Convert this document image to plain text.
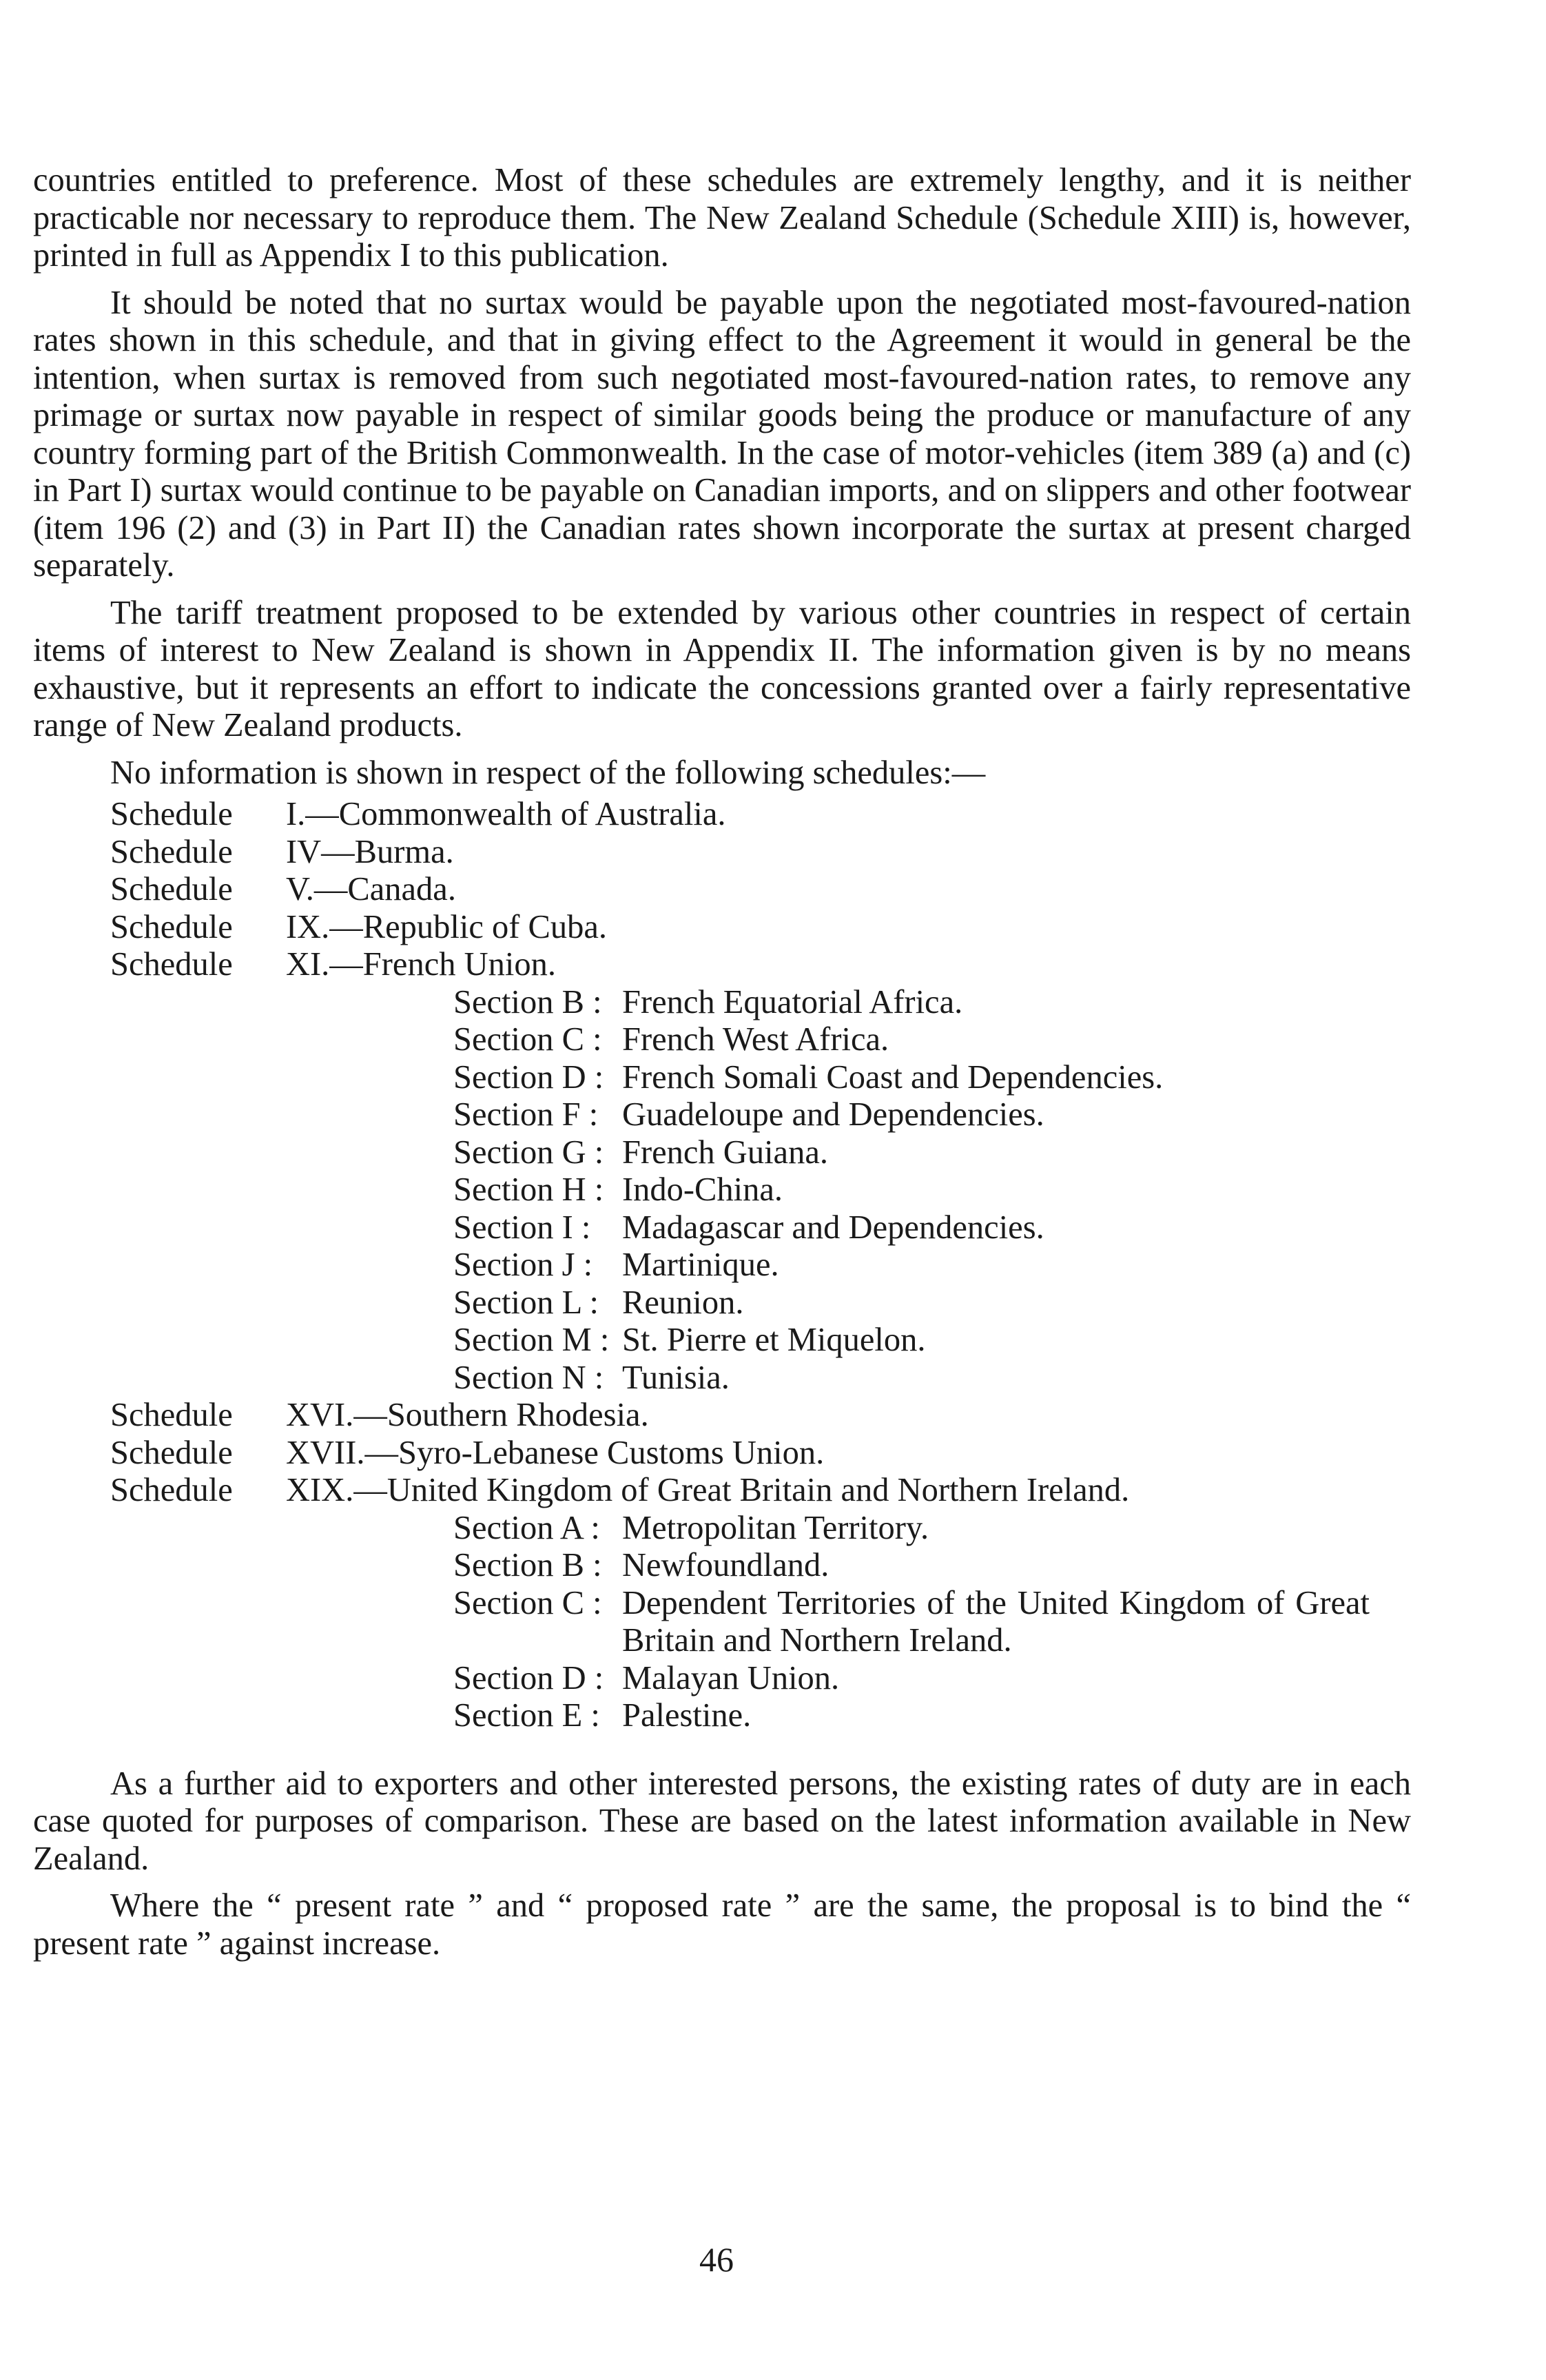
countries entitled to preference. Most of these schedules are extremely lengthy, and it is neither practicable nor necessary to reproduce them. The New Zealand Schedule (Schedule XIII) is, however, printed in full as Appendix I to this publication.

It should be noted that no surtax would be payable upon the negotiated most-favoured-nation rates shown in this schedule, and that in giving effect to the Agreement it would in general be the intention, when surtax is removed from such negotiated most-favoured-nation rates, to remove any primage or surtax now payable in respect of similar goods being the produce or manufacture of any country forming part of the British Commonwealth. In the case of motor-vehicles (item 389 (a) and (c) in Part I) surtax would continue to be payable on Canadian imports, and on slippers and other footwear (item 196 (2) and (3) in Part II) the Canadian rates shown incorporate the surtax at present charged separately.

The tariff treatment proposed to be extended by various other countries in respect of certain items of interest to New Zealand is shown in Appendix II. The information given is by no means exhaustive, but it represents an effort to indicate the concessions granted over a fairly representative range of New Zealand products.

No information is shown in respect of the following schedules:—

Schedule	I.—Commonwealth of Australia.
Schedule	IV—Burma.
Schedule	V.—Canada.
Schedule	IX.—Republic of Cuba.
Schedule	XI.—French Union.
Section B : French Equatorial Africa.
Section C : French West Africa.
Section D : French Somali Coast and Dependencies.
Section F : Guadeloupe and Dependencies.
Section G : French Guiana.
Section H : Indo-China.
Section I : Madagascar and Dependencies.
Section J : Martinique.
Section L : Reunion.
Section M : St. Pierre et Miquelon.
Section N : Tunisia.
Schedule	XVI.—Southern Rhodesia.
Schedule	XVII.—Syro-Lebanese Customs Union.
Schedule	XIX.—United Kingdom of Great Britain and Northern Ireland.
Section A : Metropolitan Territory.
Section B : Newfoundland.
Section C : Dependent Territories of the United Kingdom of Great Britain and Northern Ireland.
Section D : Malayan Union.
Section E : Palestine.

As a further aid to exporters and other interested persons, the existing rates of duty are in each case quoted for purposes of comparison. These are based on the latest information available in New Zealand.

Where the “ present rate ” and “ proposed rate ” are the same, the proposal is to bind the “ present rate ” against increase.

46
